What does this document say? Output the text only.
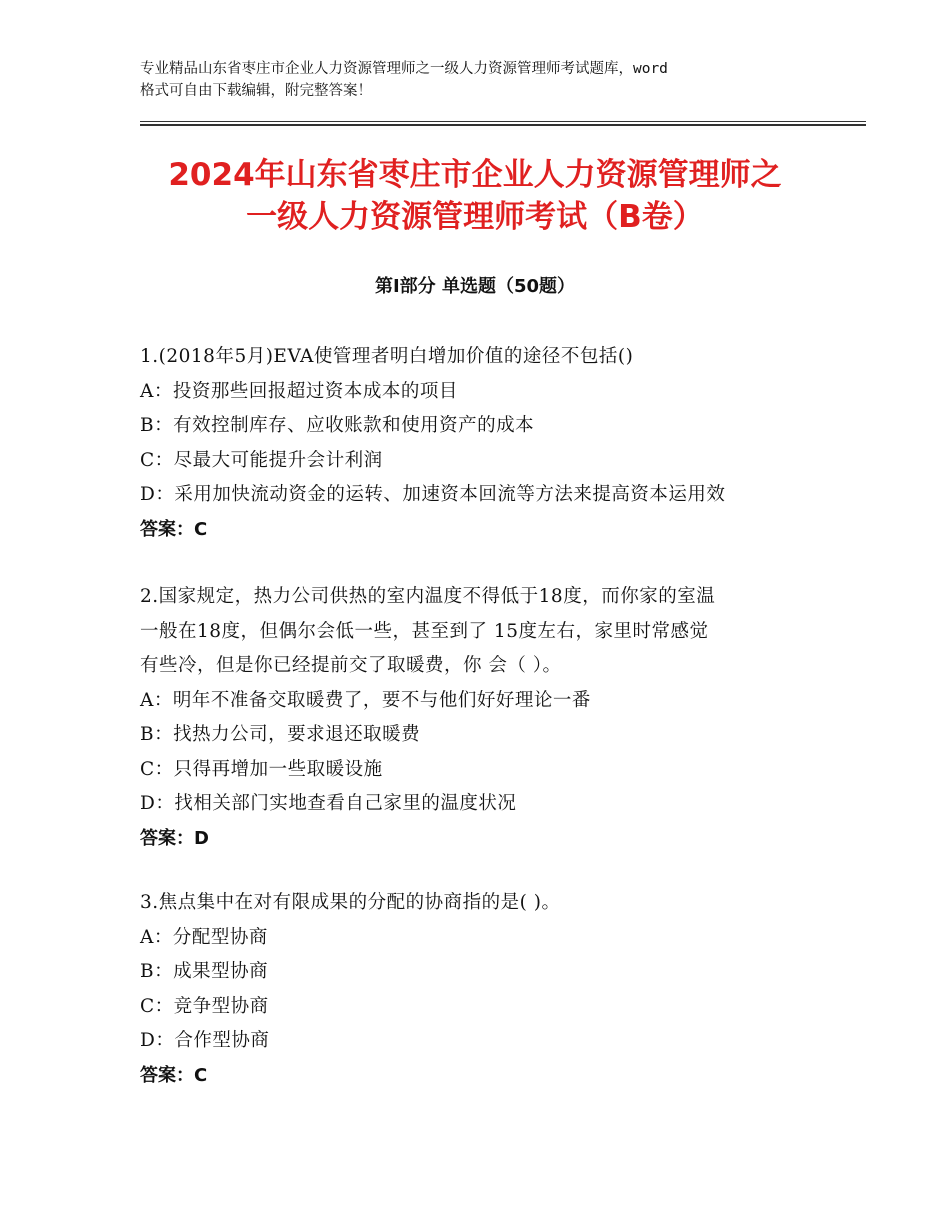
专业精品山东省枣庄市企业人力资源管理师之一级人力资源管理师考试题库，word
格式可自由下载编辑，附完整答案！
2024年山东省枣庄市企业人力资源管理师之
一级人力资源管理师考试（B卷）
第Ⅰ部分 单选题（50题）
1.(2018年5月)EVA使管理者明白增加价值的途径不包括()
A：投资那些回报超过资本成本的项目
B：有效控制库存、应收账款和使用资产的成本
C：尽最大可能提升会计利润
D：采用加快流动资金的运转、加速资本回流等方法来提高资本运用效
答案：C
2.国家规定，热力公司供热的室内温度不得低于18度，而你家的室温
一般在18度，但偶尔会低一些，甚至到了 15度左右，家里时常感觉
有些冷，但是你已经提前交了取暖费，你 会（ ）。
A：明年不准备交取暖费了，要不与他们好好理论一番
B：找热力公司，要求退还取暖费
C：只得再增加一些取暖设施
D：找相关部门实地查看自己家里的温度状况
答案：D
3.焦点集中在对有限成果的分配的协商指的是( )。
A：分配型协商
B：成果型协商
C：竞争型协商
D：合作型协商
答案：C
